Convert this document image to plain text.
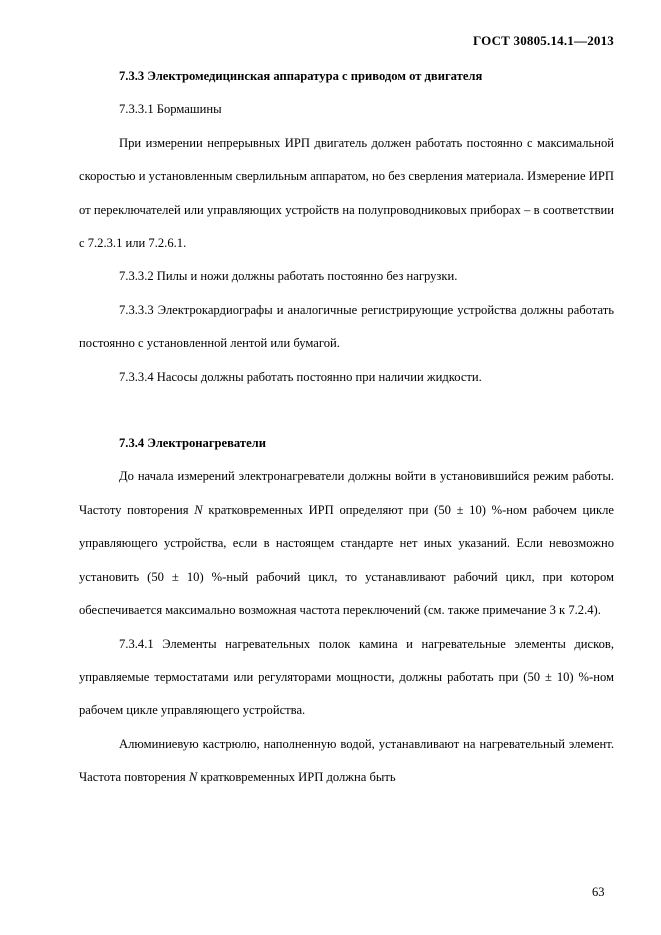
ГОСТ 30805.14.1—2013

7.3.3 Электромедицинская аппаратура с приводом от двигателя

7.3.3.1 Бормашины

При измерении непрерывных ИРП двигатель должен работать постоянно с максимальной скоростью и установленным сверлильным аппаратом, но без сверления материала. Измерение ИРП от переключателей или управляющих устройств на полупроводниковых приборах – в соответствии с 7.2.3.1 или 7.2.6.1.

7.3.3.2 Пилы и ножи должны работать постоянно без нагрузки.

7.3.3.3 Электрокардиографы и аналогичные регистрирующие устройства должны работать постоянно с установленной лентой или бумагой.

7.3.3.4 Насосы должны работать постоянно при наличии жидкости.

7.3.4 Электронагреватели

До начала измерений электронагреватели должны войти в установившийся режим работы. Частоту повторения N кратковременных ИРП определяют при (50 ± 10) %-ном рабочем цикле управляющего устройства, если в настоящем стандарте нет иных указаний. Если невозможно установить (50 ± 10) %-ный рабочий цикл, то устанавливают рабочий цикл, при котором обеспечивается максимально возможная частота переключений (см. также примечание 3 к 7.2.4).

7.3.4.1 Элементы нагревательных полок камина и нагревательные элементы дисков, управляемые термостатами или регуляторами мощности, должны работать при (50 ± 10) %-ном рабочем цикле управляющего устройства.

Алюминиевую кастрюлю, наполненную водой, устанавливают на нагревательный элемент. Частота повторения N кратковременных ИРП должна быть

63
